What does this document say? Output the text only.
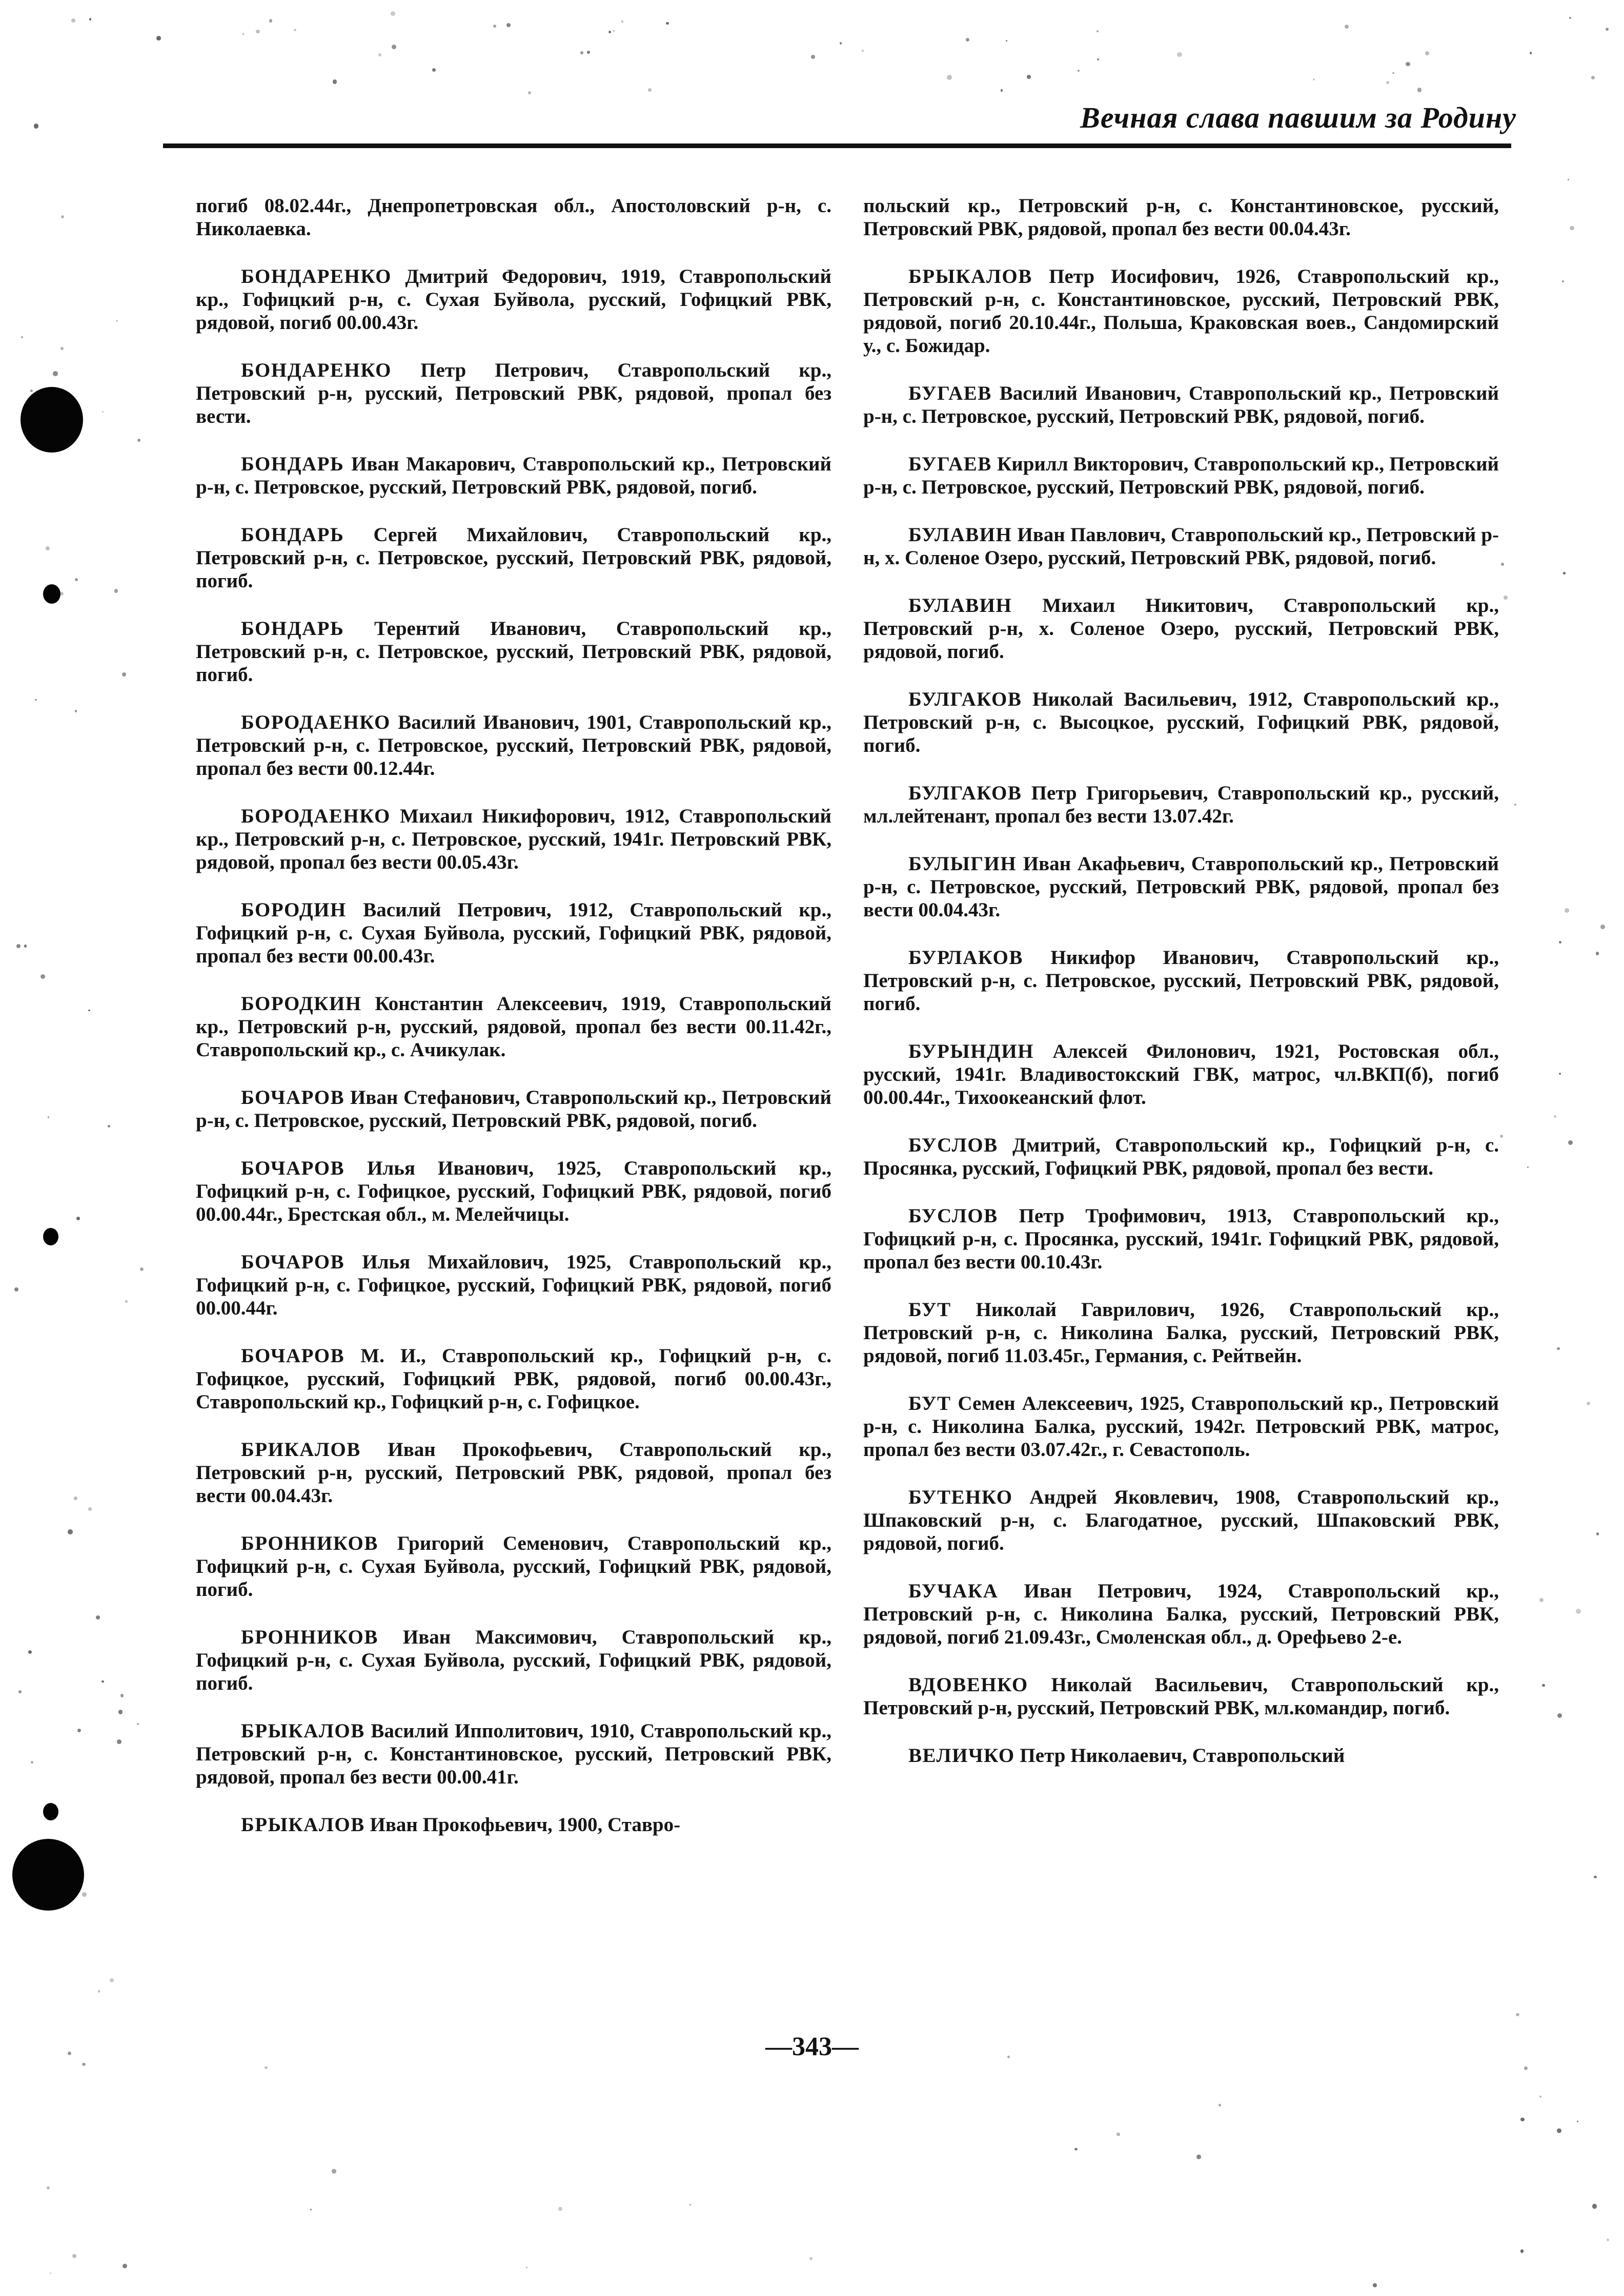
Вечная слава павшим за Родину

погиб 08.02.44г., Днепропетровская обл., Апостоловский р-н, с. Николаевка.

БОНДАРЕНКО Дмитрий Федорович, 1919, Ставропольский кр., Гофицкий р-н, с. Сухая Буйвола, русский, Гофицкий РВК, рядовой, погиб 00.00.43г.

БОНДАРЕНКО Петр Петрович, Ставропольский кр., Петровский р-н, русский, Петровский РВК, рядовой, пропал без вести.

БОНДАРЬ Иван Макарович, Ставропольский кр., Петровский р-н, с. Петровское, русский, Петровский РВК, рядовой, погиб.

БОНДАРЬ Сергей Михайлович, Ставропольский кр., Петровский р-н, с. Петровское, русский, Петровский РВК, рядовой, погиб.

БОНДАРЬ Терентий Иванович, Ставропольский кр., Петровский р-н, с. Петровское, русский, Петровский РВК, рядовой, погиб.

БОРОДАЕНКО Василий Иванович, 1901, Ставропольский кр., Петровский р-н, с. Петровское, русский, Петровский РВК, рядовой, пропал без вести 00.12.44г.

БОРОДАЕНКО Михаил Никифорович, 1912, Ставропольский кр., Петровский р-н, с. Петровское, русский, 1941г. Петровский РВК, рядовой, пропал без вести 00.05.43г.

БОРОДИН Василий Петрович, 1912, Ставропольский кр., Гофицкий р-н, с. Сухая Буйвола, русский, Гофицкий РВК, рядовой, пропал без вести 00.00.43г.

БОРОДКИН Константин Алексеевич, 1919, Ставропольский кр., Петровский р-н, русский, рядовой, пропал без вести 00.11.42г., Ставропольский кр., с. Ачикулак.

БОЧАРОВ Иван Стефанович, Ставропольский кр., Петровский р-н, с. Петровское, русский, Петровский РВК, рядовой, погиб.

БОЧАРОВ Илья Иванович, 1925, Ставропольский кр., Гофицкий р-н, с. Гофицкое, русский, Гофицкий РВК, рядовой, погиб 00.00.44г., Брестская обл., м. Мелейчицы.

БОЧАРОВ Илья Михайлович, 1925, Ставропольский кр., Гофицкий р-н, с. Гофицкое, русский, Гофицкий РВК, рядовой, погиб 00.00.44г.

БОЧАРОВ М. И., Ставропольский кр., Гофицкий р-н, с. Гофицкое, русский, Гофицкий РВК, рядовой, погиб 00.00.43г., Ставропольский кр., Гофицкий р-н, с. Гофицкое.

БРИКАЛОВ Иван Прокофьевич, Ставропольский кр., Петровский р-н, русский, Петровский РВК, рядовой, пропал без вести 00.04.43г.

БРОННИКОВ Григорий Семенович, Ставропольский кр., Гофицкий р-н, с. Сухая Буйвола, русский, Гофицкий РВК, рядовой, погиб.

БРОННИКОВ Иван Максимович, Ставропольский кр., Гофицкий р-н, с. Сухая Буйвола, русский, Гофицкий РВК, рядовой, погиб.

БРЫКАЛОВ Василий Ипполитович, 1910, Ставропольский кр., Петровский р-н, с. Константиновское, русский, Петровский РВК, рядовой, пропал без вести 00.00.41г.

БРЫКАЛОВ Иван Прокофьевич, 1900, Ставро-

польский кр., Петровский р-н, с. Константиновское, русский, Петровский РВК, рядовой, пропал без вести 00.04.43г.

БРЫКАЛОВ Петр Иосифович, 1926, Ставропольский кр., Петровский р-н, с. Константиновское, русский, Петровский РВК, рядовой, погиб 20.10.44г., Польша, Краковская воев., Сандомирский у., с. Божидар.

БУГАЕВ Василий Иванович, Ставропольский кр., Петровский р-н, с. Петровское, русский, Петровский РВК, рядовой, погиб.

БУГАЕВ Кирилл Викторович, Ставропольский кр., Петровский р-н, с. Петровское, русский, Петровский РВК, рядовой, погиб.

БУЛАВИН Иван Павлович, Ставропольский кр., Петровский р-н, х. Соленое Озеро, русский, Петровский РВК, рядовой, погиб.

БУЛАВИН Михаил Никитович, Ставропольский кр., Петровский р-н, х. Соленое Озеро, русский, Петровский РВК, рядовой, погиб.

БУЛГАКОВ Николай Васильевич, 1912, Ставропольский кр., Петровский р-н, с. Высоцкое, русский, Гофицкий РВК, рядовой, погиб.

БУЛГАКОВ Петр Григорьевич, Ставропольский кр., русский, мл.лейтенант, пропал без вести 13.07.42г.

БУЛЫГИН Иван Акафьевич, Ставропольский кр., Петровский р-н, с. Петровское, русский, Петровский РВК, рядовой, пропал без вести 00.04.43г.

БУРЛАКОВ Никифор Иванович, Ставропольский кр., Петровский р-н, с. Петровское, русский, Петровский РВК, рядовой, погиб.

БУРЫНДИН Алексей Филонович, 1921, Ростовская обл., русский, 1941г. Владивостокский ГВК, матрос, чл.ВКП(б), погиб 00.00.44г., Тихоокеанский флот.

БУСЛОВ Дмитрий, Ставропольский кр., Гофицкий р-н, с. Просянка, русский, Гофицкий РВК, рядовой, пропал без вести.

БУСЛОВ Петр Трофимович, 1913, Ставропольский кр., Гофицкий р-н, с. Просянка, русский, 1941г. Гофицкий РВК, рядовой, пропал без вести 00.10.43г.

БУТ Николай Гаврилович, 1926, Ставропольский кр., Петровский р-н, с. Николина Балка, русский, Петровский РВК, рядовой, погиб 11.03.45г., Германия, с. Рейтвейн.

БУТ Семен Алексеевич, 1925, Ставропольский кр., Петровский р-н, с. Николина Балка, русский, 1942г. Петровский РВК, матрос, пропал без вести 03.07.42г., г. Севастополь.

БУТЕНКО Андрей Яковлевич, 1908, Ставропольский кр., Шпаковский р-н, с. Благодатное, русский, Шпаковский РВК, рядовой, погиб.

БУЧАКА Иван Петрович, 1924, Ставропольский кр., Петровский р-н, с. Николина Балка, русский, Петровский РВК, рядовой, погиб 21.09.43г., Смоленская обл., д. Орефьево 2-е.

ВДОВЕНКО Николай Васильевич, Ставропольский кр., Петровский р-н, русский, Петровский РВК, мл.командир, погиб.

ВЕЛИЧКО Петр Николаевич, Ставропольский

—343—
